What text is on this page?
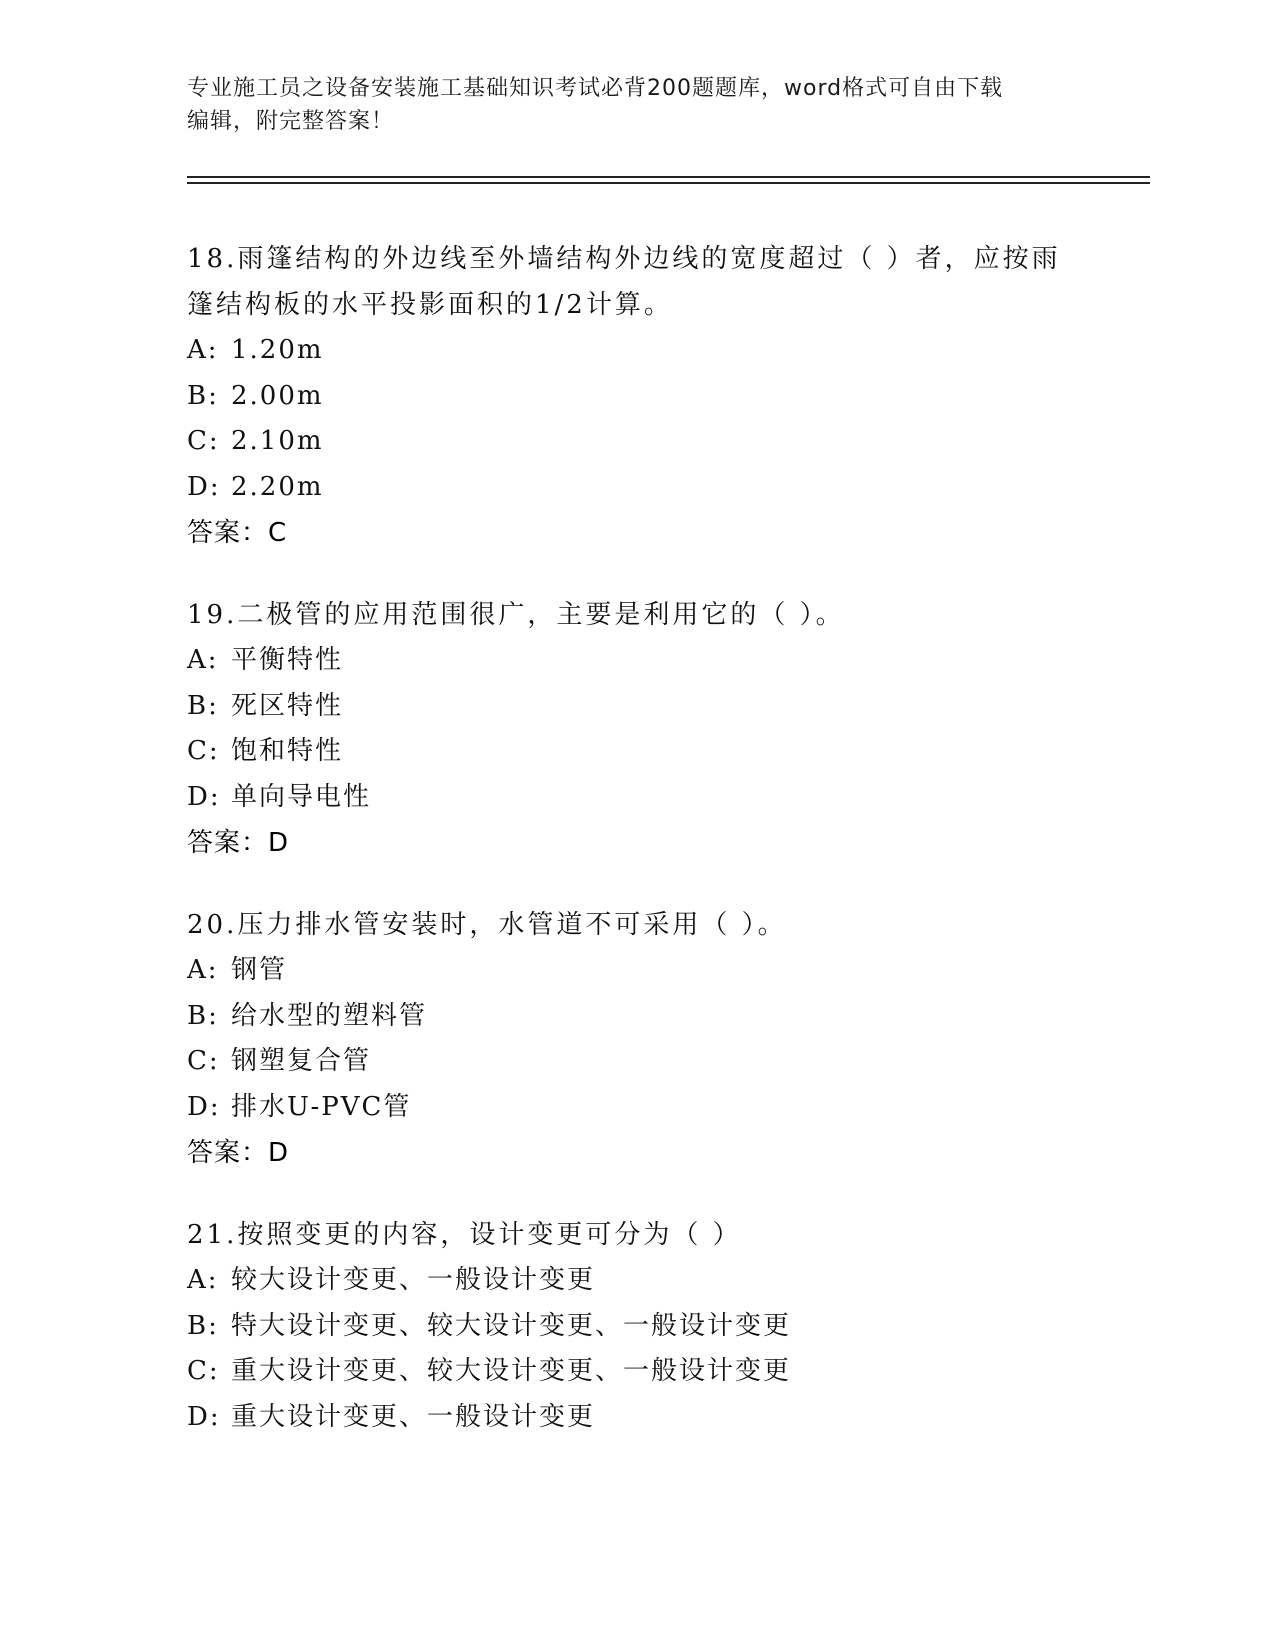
专业施工员之设备安装施工基础知识考试必背200题题库，word格式可自由下载
编辑，附完整答案！
18.雨篷结构的外边线至外墙结构外边线的宽度超过（ ）者，应按雨
篷结构板的水平投影面积的1/2计算。
A: 1.20m
B: 2.00m
C: 2.10m
D: 2.20m
答案：C
19.二极管的应用范围很广，主要是利用它的（ ）。
A: 平衡特性
B: 死区特性
C: 饱和特性
D: 单向导电性
答案：D
20.压力排水管安装时，水管道不可采用（ ）。
A: 钢管
B: 给水型的塑料管
C: 钢塑复合管
D: 排水U-PVC管
答案：D
21.按照变更的内容，设计变更可分为（ ）
A: 较大设计变更、一般设计变更
B: 特大设计变更、较大设计变更、一般设计变更
C: 重大设计变更、较大设计变更、一般设计变更
D: 重大设计变更、一般设计变更
